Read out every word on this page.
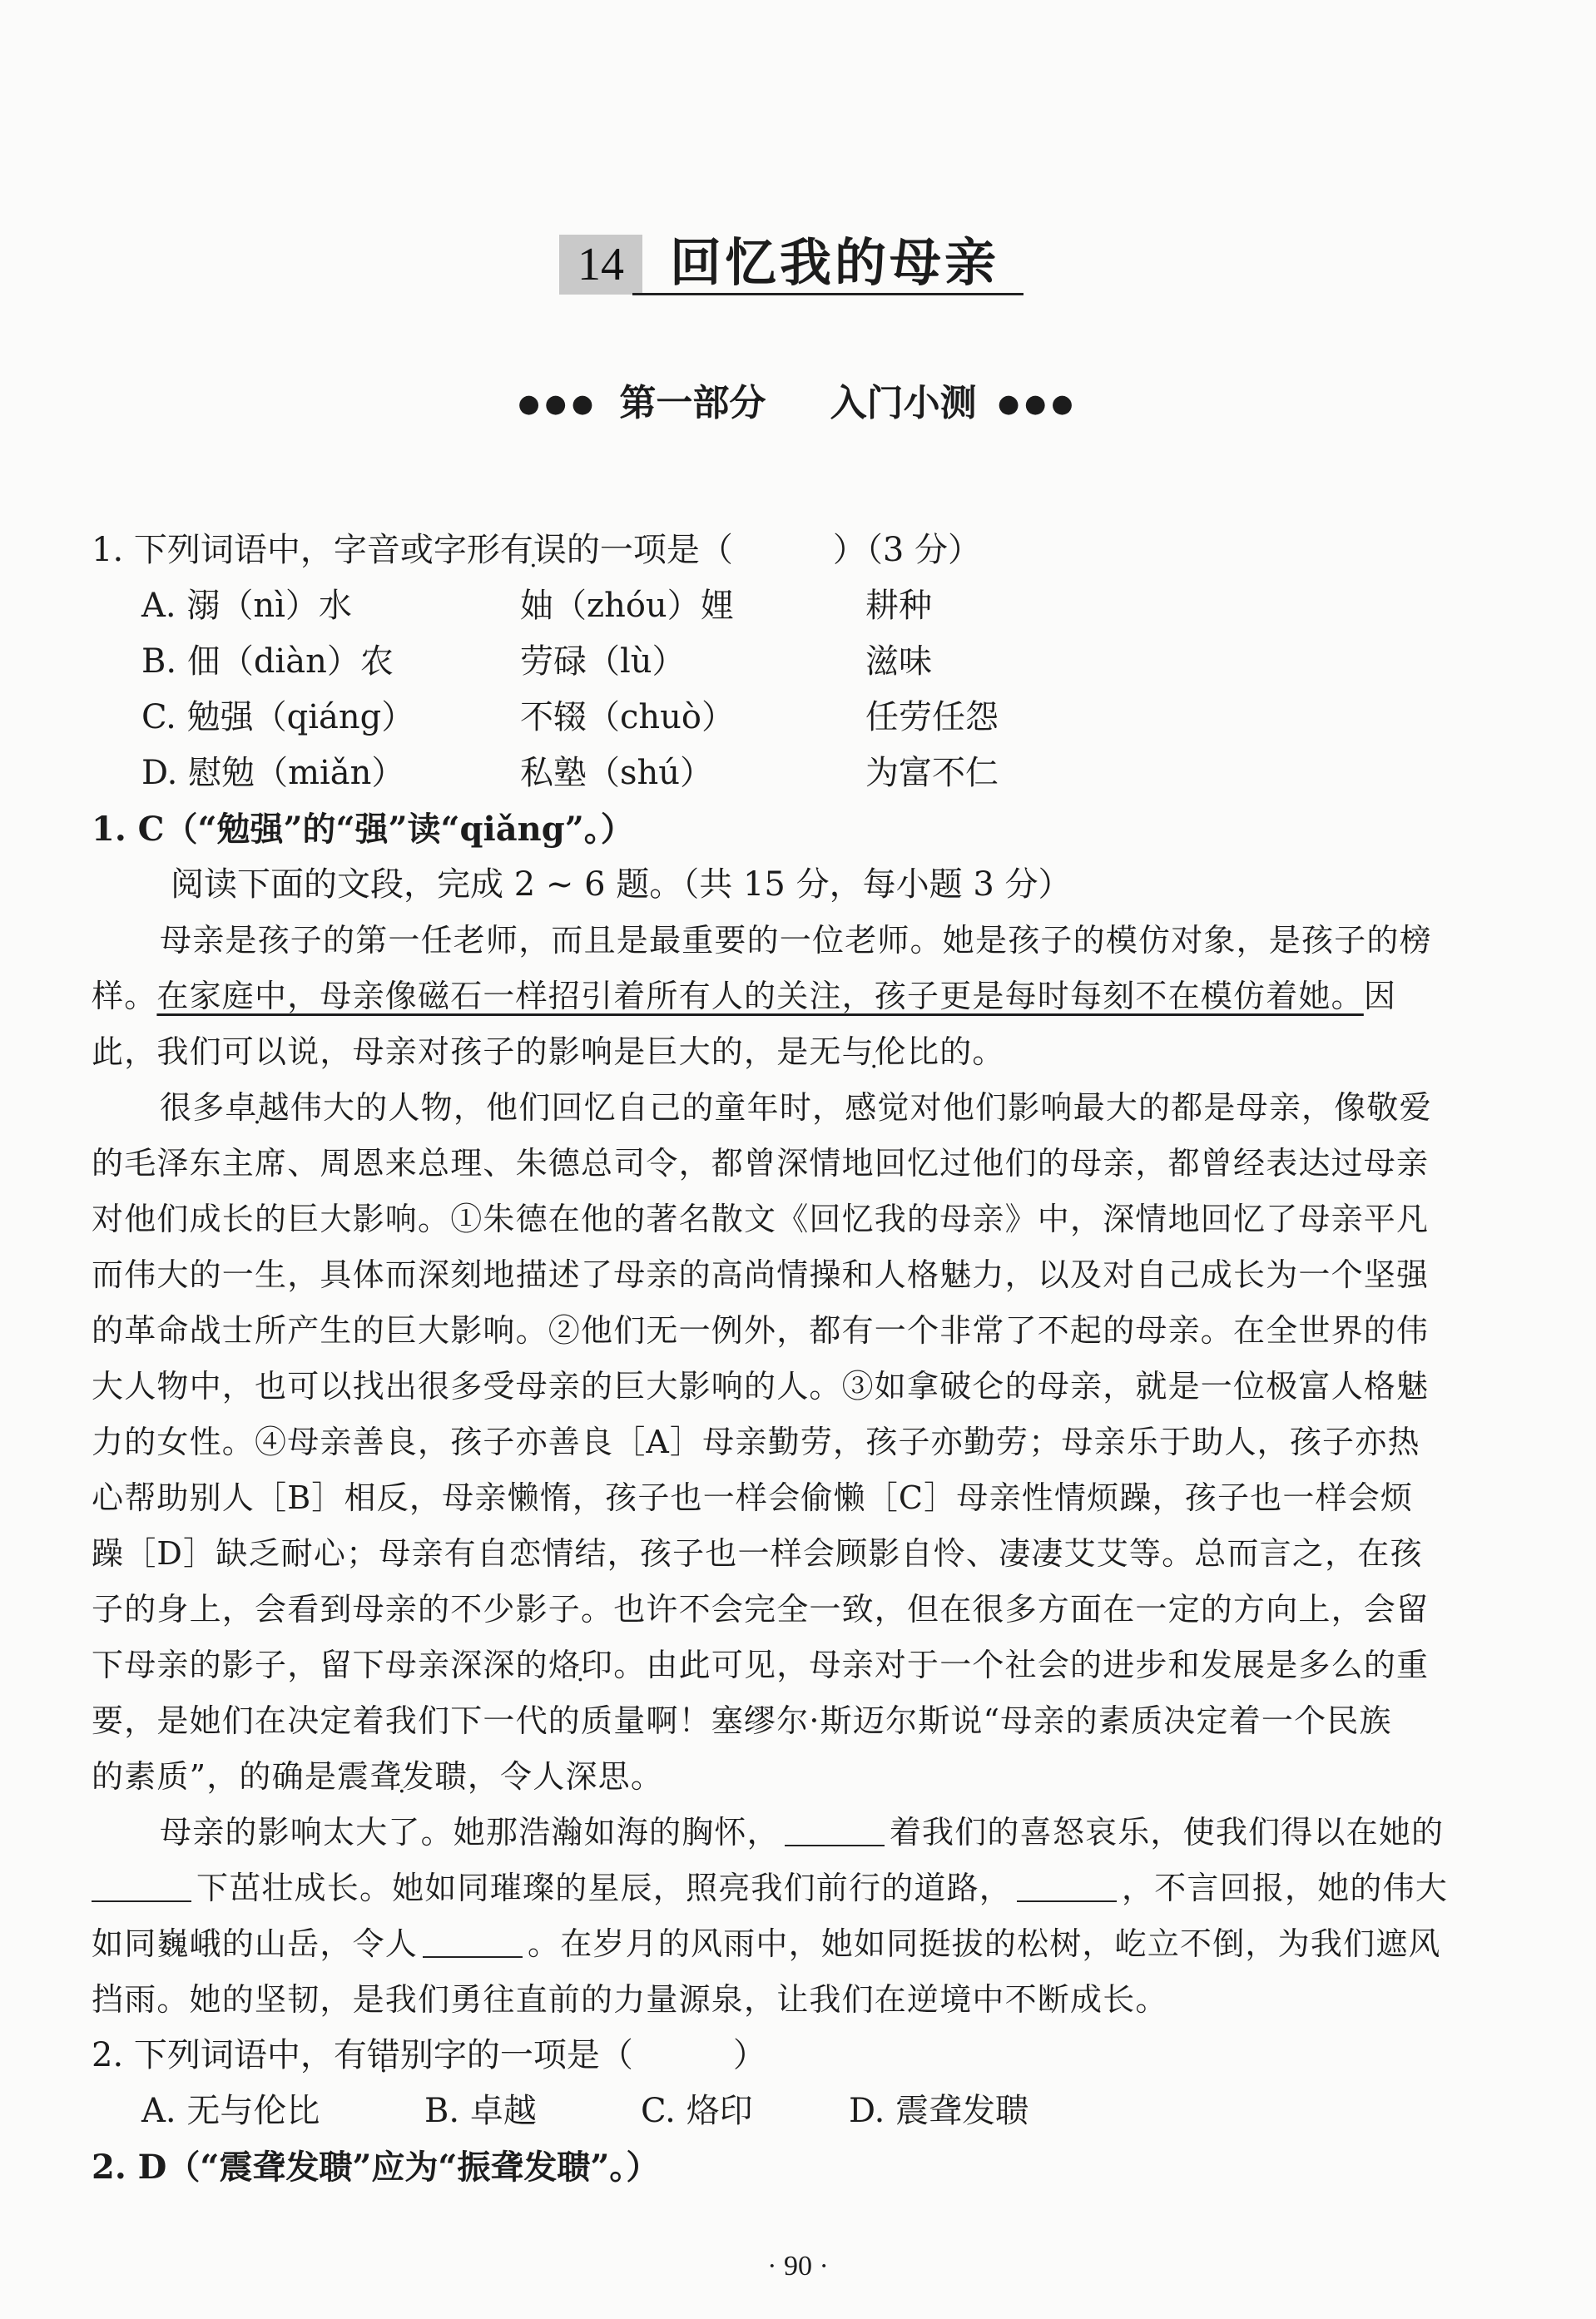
14 回忆我的母亲
●●● 第一部分 入门小测 ●●●
1. 下列词语中，字音或字形有误的一项是（　　　）（3 分）
A. 溺（nì）水	妯（zhóu）娌	耕种
B. 佃（diàn）农	劳碌（lù）	滋味
C. 勉强（qiáng）	不辍（chuò）	任劳任怨
D. 慰勉（miǎn）	私塾（shú）	为富不仁
1. C（“勉强”的“强”读“qiǎng”。）
阅读下面的文段，完成 2 ~ 6 题。（共 15 分，每小题 3 分）
母亲是孩子的第一任老师，而且是最重要的一位老师。她是孩子的模仿对象，是孩子的榜
样。在家庭中，母亲像磁石一样招引着所有人的关注，孩子更是每时每刻不在模仿着她。因
此，我们可以说，母亲对孩子的影响是巨大的，是无与伦比的。
很多卓越伟大的人物，他们回忆自己的童年时，感觉对他们影响最大的都是母亲，像敬爱
的毛泽东主席、周恩来总理、朱德总司令，都曾深情地回忆过他们的母亲，都曾经表达过母亲
对他们成长的巨大影响。①朱德在他的著名散文《回忆我的母亲》中，深情地回忆了母亲平凡
而伟大的一生，具体而深刻地描述了母亲的高尚情操和人格魅力，以及对自己成长为一个坚强
的革命战士所产生的巨大影响。②他们无一例外，都有一个非常了不起的母亲。在全世界的伟
大人物中，也可以找出很多受母亲的巨大影响的人。③如拿破仑的母亲，就是一位极富人格魅
力的女性。④母亲善良，孩子亦善良［A］母亲勤劳，孩子亦勤劳；母亲乐于助人，孩子亦热
心帮助别人［B］相反，母亲懒惰，孩子也一样会偷懒［C］母亲性情烦躁，孩子也一样会烦
躁［D］缺乏耐心；母亲有自恋情结，孩子也一样会顾影自怜、凄凄艾艾等。总而言之，在孩
子的身上，会看到母亲的不少影子。也许不会完全一致，但在很多方面在一定的方向上，会留
下母亲的影子，留下母亲深深的烙印。由此可见，母亲对于一个社会的进步和发展是多么的重
要，是她们在决定着我们下一代的质量啊！塞缪尔·斯迈尔斯说“母亲的素质决定着一个民族
的素质”，的确是震聋发聩，令人深思。
母亲的影响太大了。她那浩瀚如海的胸怀，	着我们的喜怒哀乐，使我们得以在她的
下茁壮成长。她如同璀璨的星辰，照亮我们前行的道路，	，不言回报，她的伟大
如同巍峨的山岳，令人	。在岁月的风雨中，她如同挺拔的松树，屹立不倒，为我们遮风
挡雨。她的坚韧，是我们勇往直前的力量源泉，让我们在逆境中不断成长。
2. 下列词语中，有错别字的一项是（　　　）
A. 无与伦比	B. 卓越	C. 烙印	D. 震聋发聩
2. D（“震聋发聩”应为“振聋发聩”。）
· 90 ·
